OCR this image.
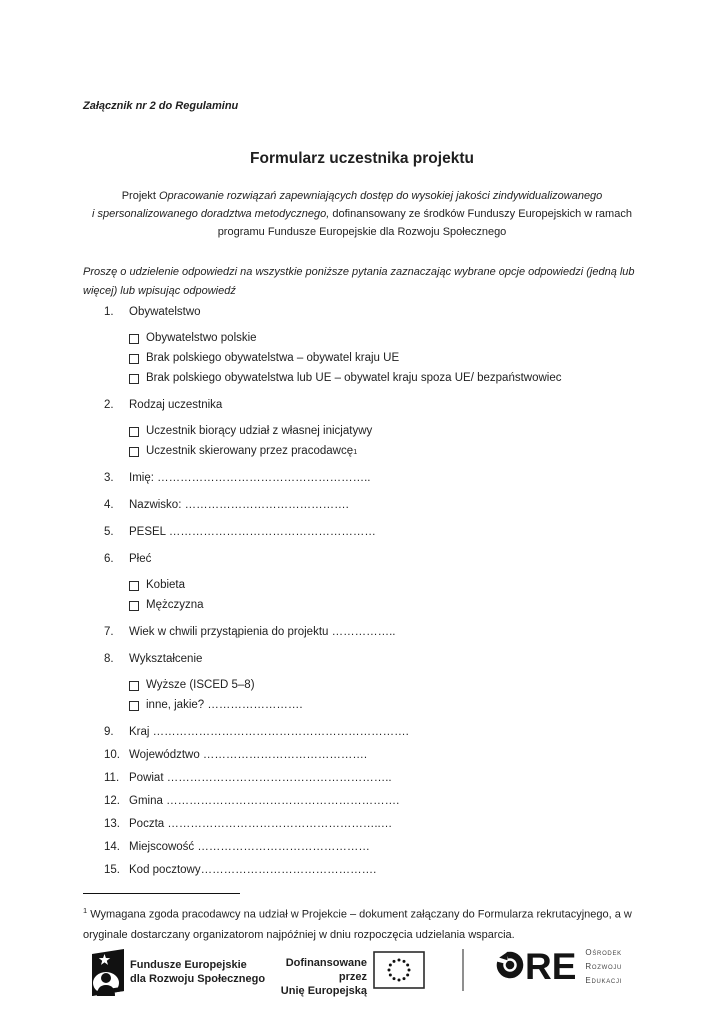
Załącznik nr 2 do Regulaminu
Formularz uczestnika projektu
Projekt Opracowanie rozwiązań zapewniających dostęp do wysokiej jakości zindywidualizowanego
i spersonalizowanego doradztwa metodycznego, dofinansowany ze środków Funduszy Europejskich w ramach
programu Fundusze Europejskie dla Rozwoju Społecznego
Proszę o udzielenie odpowiedzi na wszystkie poniższe pytania zaznaczając wybrane opcje odpowiedzi (jedną lub
więcej) lub wpisując odpowiedź
1.	Obywatelstwo
Obywatelstwo polskie
Brak polskiego obywatelstwa – obywatel kraju UE
Brak polskiego obywatelstwa lub UE – obywatel kraju spoza UE/ bezpaństwowiec
2.	Rodzaj uczestnika
Uczestnik biorący udział z własnej inicjatywy
Uczestnik skierowany przez pracodawcę 1
3.	Imię: ………………………………………………..
4.	Nazwisko: …………………………………….
5.	PESEL ………………………………………………
6.	Płeć
Kobieta
Mężczyzna
7.	Wiek w chwili przystąpienia do projektu ……………..
8.	Wykształcenie
Wyższe (ISCED 5–8)
inne, jakie? …………………….
9.	Kraj ………………………………………………………….
10. Województwo …………………………………….
11. Powiat …………………………………………………..
12. Gmina …………………………………………………….
13. Poczta ………………………………………………..…
14. Miejscowość ………………………………………
15. Kod pocztowy……………………………………….
$^1$ Wymagana zgoda pracodawcy na udział w Projekcie – dokument załączany do Formularza rekrutacyjnego, a w oryginale dostarczany organizatorom najpóźniej w dniu rozpoczęcia udzielania wsparcia.
Fundusze Europejskie
dla Rozwoju Społecznego
Dofinansowane przez
Unię Europejską
RE Ośrodek
Rozwoju
Edukacji
